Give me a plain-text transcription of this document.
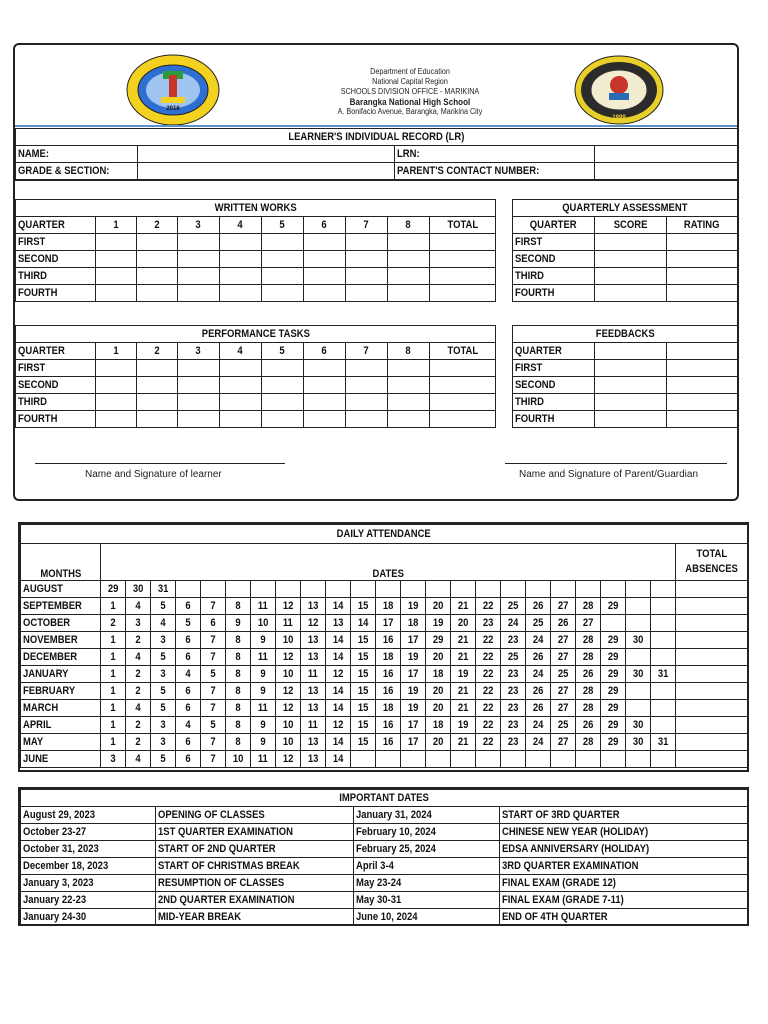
2016
1999
Department of Education
National Capital Region
SCHOOLS DIVISION OFFICE - MARIKINA
Barangka National High School
A. Bonifacio Avenue, Barangka, Marikina City
LEARNER'S INDIVIDUAL RECORD (LR)			
NAME:		LRN:	
GRADE & SECTION:		PARENT'S CONTACT NUMBER:	
WRITTEN WORKS									
QUARTER	1	2	3	4	5	6	7	8	TOTAL
FIRST									
SECOND									
THIRD									
FOURTH									
QUARTERLY ASSESSMENT		
QUARTER	SCORE	RATING
FIRST		
SECOND		
THIRD		
FOURTH		
PERFORMANCE TASKS									
QUARTER	1	2	3	4	5	6	7	8	TOTAL
FIRST									
SECOND									
THIRD									
FOURTH									
FEEDBACKS		
QUARTER		
FIRST		
SECOND		
THIRD		
FOURTH		
Name and Signature of learner	Name and Signature of Parent/Guardian
DAILY ATTENDANCE																								
MONTHS	DATES																							TOTAL
ABSENCES
AUGUST	29	30	31																					
SEPTEMBER	1	4	5	6	7	8	11	12	13	14	15	18	19	20	21	22	25	26	27	28	29			
OCTOBER	2	3	4	5	6	9	10	11	12	13	14	17	18	19	20	23	24	25	26	27				
NOVEMBER	1	2	3	6	7	8	9	10	13	14	15	16	17	29	21	22	23	24	27	28	29	30		
DECEMBER	1	4	5	6	7	8	11	12	13	14	15	18	19	20	21	22	25	26	27	28	29			
JANUARY	1	2	3	4	5	8	9	10	11	12	15	16	17	18	19	22	23	24	25	26	29	30	31	
FEBRUARY	1	2	5	6	7	8	9	12	13	14	15	16	19	20	21	22	23	26	27	28	29			
MARCH	1	4	5	6	7	8	11	12	13	14	15	18	19	20	21	22	23	26	27	28	29			
APRIL	1	2	3	4	5	8	9	10	11	12	15	16	17	18	19	22	23	24	25	26	29	30		
MAY	1	2	3	6	7	8	9	10	13	14	15	16	17	20	21	22	23	24	27	28	29	30	31	
JUNE	3	4	5	6	7	10	11	12	13	14														
IMPORTANT DATES			
August 29, 2023	OPENING OF CLASSES	January 31, 2024	START OF 3RD QUARTER
October 23-27	1ST QUARTER EXAMINATION	February 10, 2024	CHINESE NEW YEAR (HOLIDAY)
October 31, 2023	START OF 2ND QUARTER	February 25, 2024	EDSA ANNIVERSARY (HOLIDAY)
December 18, 2023	START OF CHRISTMAS BREAK	April 3-4	3RD QUARTER EXAMINATION
January 3, 2023	RESUMPTION OF CLASSES	May 23-24	FINAL EXAM (GRADE 12)
January 22-23	2ND QUARTER EXAMINATION	May 30-31	FINAL EXAM (GRADE 7-11)
January 24-30	MID-YEAR BREAK	June 10, 2024	END OF 4TH QUARTER
